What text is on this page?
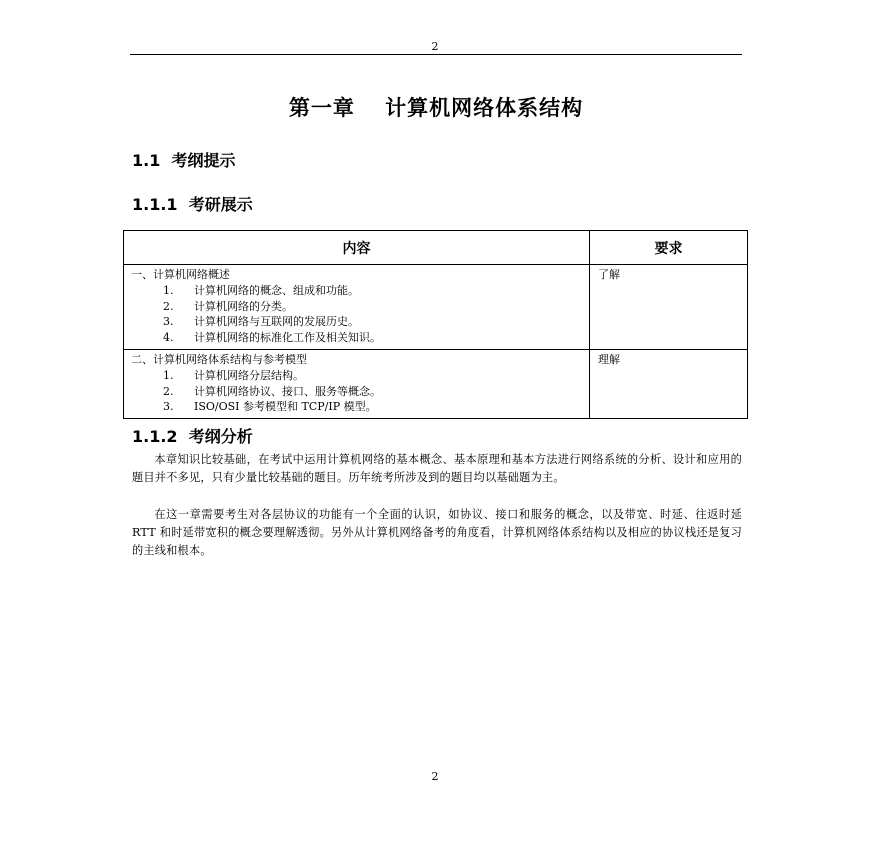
2
第一章　 计算机网络体系结构
1.1  考纲提示
1.1.1  考研展示
内容	要求

一、计算机网络概述
1. 计算机网络的概念、组成和功能。
2. 计算机网络的分类。
3. 计算机网络与互联网的发展历史。
4. 计算机网络的标准化工作及相关知识。	了解

二、计算机网络体系结构与参考模型
1. 计算机网络分层结构。
2. 计算机网络协议、接口、服务等概念。
3. ISO/OSI 参考模型和 TCP/IP 模型。	理解
1.1.2  考纲分析

本章知识比较基础，在考试中运用计算机网络的基本概念、基本原理和基本方法进行网络系统的分析、设计和应用的题目并不多见，只有少量比较基础的题目。历年统考所涉及到的题目均以基础题为主。

在这一章需要考生对各层协议的功能有一个全面的认识，如协议、接口和服务的概念，以及带宽、时延、往返时延 RTT 和时延带宽积的概念要理解透彻。另外从计算机网络备考的角度看，计算机网络体系结构以及相应的协议栈还是复习的主线和根本。

2
